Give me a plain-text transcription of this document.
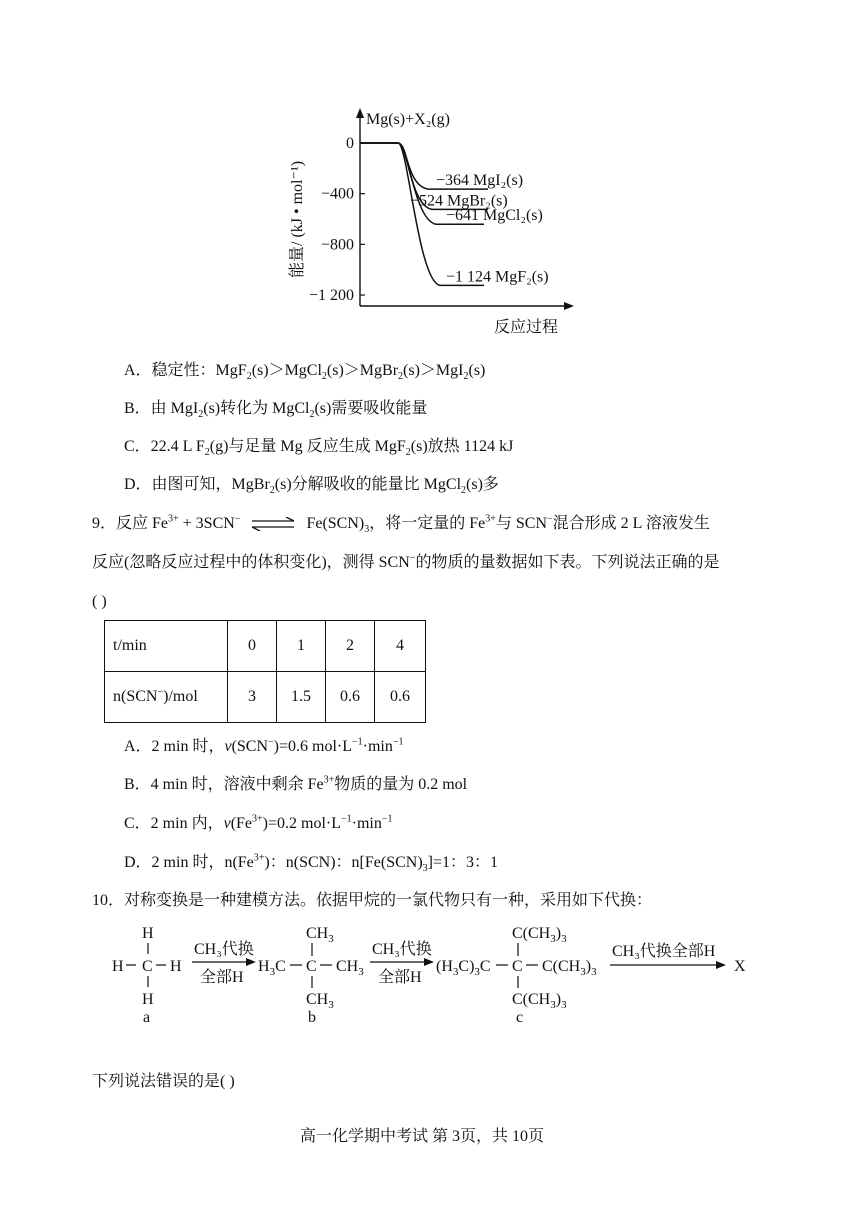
Mg(s)+X₂(g)
能量/ (kJ • mol⁻¹)
反应过程
0
−400
−800
−1 200
−364 MgI₂(s)
−524 MgBr₂(s)
−641 MgCl₂(s)
−1 124 MgF₂(s)
A．稳定性：MgF$_2$(s)＞MgCl$_2$(s)＞MgBr$_2$(s)＞MgI$_2$(s)
B．由 MgI$_2$(s)转化为 MgCl$_2$(s)需要吸收能量
C．22.4 L $F_2(g)$与足量 Mg 反应生成 MgF$_2$(s)放热 1124 kJ
D．由图可知，MgBr$_2$(s)分解吸收的能量比 MgCl$_2$(s)多
9．反应 $Fe^{3+} + 3SCN^-$ ⇌ $Fe(SCN)_3$，将一定量的 $Fe^{3+}$与 SCN−混合形成 2 L 溶液发生
反应(忽略反应过程中的体积变化)，测得 SCN−的物质的量数据如下表。下列说法正确的是
( )
t/min	0	1	2	4
n(SCN−)/mol	3	1.5	0.6	0.6
A．2 min 时，v(SCN−)=0.6 $mol\cdot L^{-1}\cdot\min^{-1}$
B．4 min 时，溶液中剩余 $Fe^{3+}$物质的量为 0.2 mol
C．2 min 内，$v(Fe^{3+})=0.2$ $mol\cdot L^{-1}\cdot\min^{-1}$
D．2 min 时，$n(Fe^{3+})$：n(SCN)：$n[Fe(SCN)_3]=1$：3：1
10．对称变换是一种建模方法。依据甲烷的一氯代物只有一种，采用如下代换：
H
H C H
H
a
CH₃代换
全部H
$CH_3$
$H_3C$ C $CH_3$
$CH_3$
b
CH₃代换
全部H
$C(CH_3)_3$
$(H_3C)_3C$ C $C(CH_3)_3$
$C(CH_3)_3$
c
CH₃代换全部H
X
下列说法错误的是( )
高一化学期中考试 第 3页，共 10页
